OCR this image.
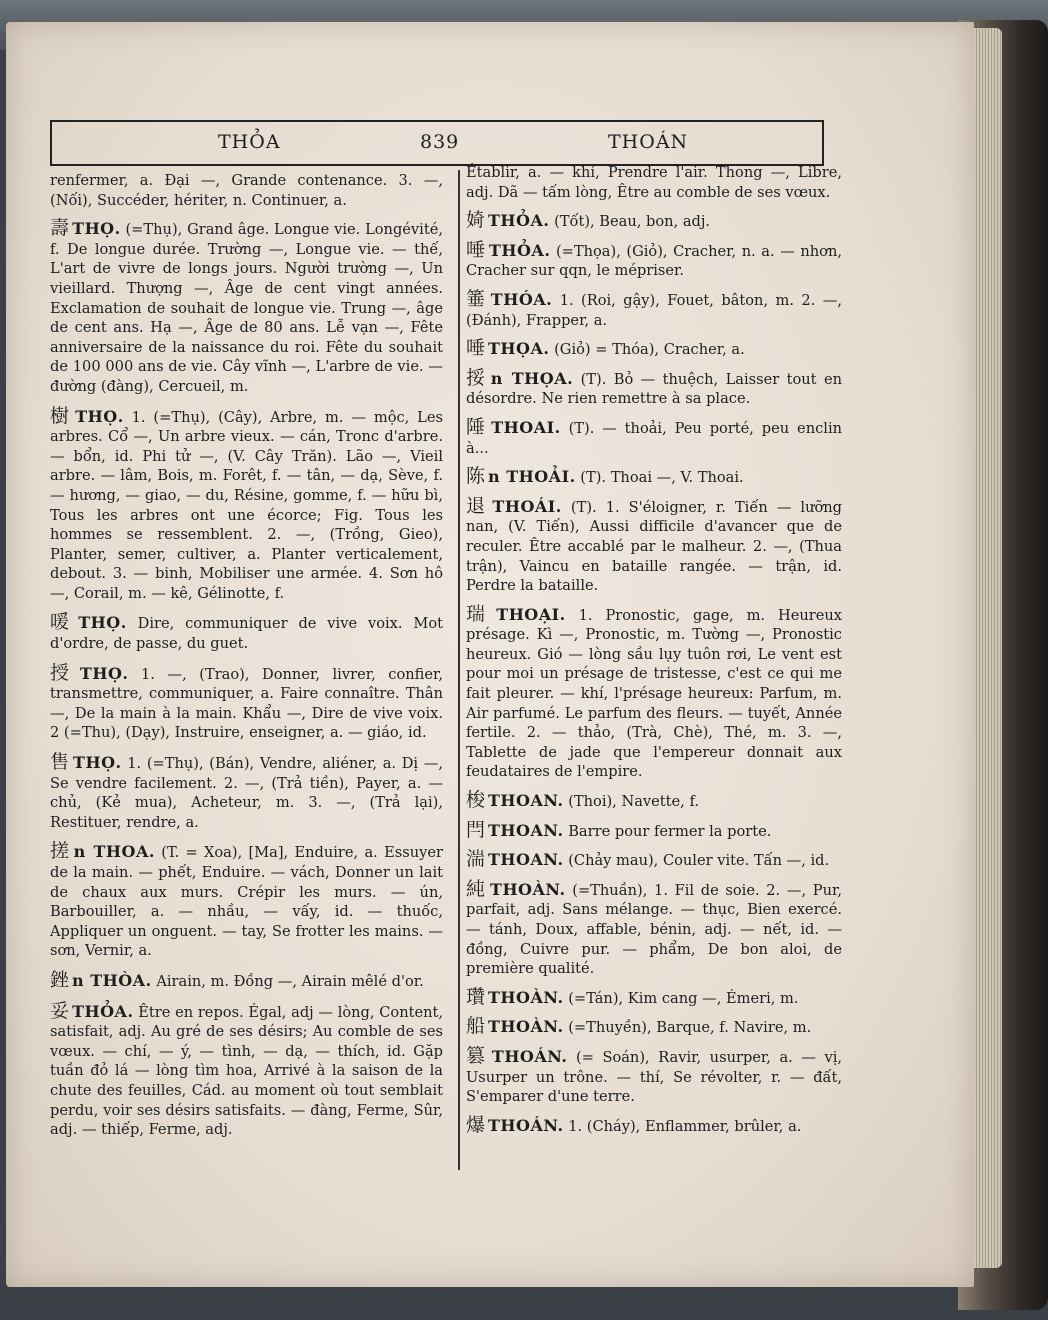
THỎA	839	THOÁN

renfermer, a. Đại —, Grande contenance. 3. —, (Nối), Succéder, hériter, n. Continuer, a.

壽 THỌ. (=Thụ), Grand âge. Longue vie. Longévité, f. De longue durée. Trường —, Longue vie. — thế, L'art de vivre de longs jours. Người trường —, Un vieillard. Thượng —, Âge de cent vingt années. Exclamation de souhait de longue vie. Trung —, âge de cent ans. Hạ —, Âge de 80 ans. Lễ vạn —, Fête anniversaire de la naissance du roi. Fête du souhait de 100 000 ans de vie. Cây vĩnh —, L'arbre de vie. — đường (đàng), Cercueil, m.

樹 THỌ. 1. (=Thụ), (Cây), Arbre, m. — mộc, Les arbres. Cổ —, Un arbre vieux. — cán, Tronc d'arbre. — bổn, id. Phi tử —, (V. Cây Trăn). Lão —, Vieil arbre. — lâm, Bois, m. Forêt, f. — tân, — dạ, Sève, f. — hương, — giao, — du, Résine, gomme, f. — hữu bì, Tous les arbres ont une écorce; Fig. Tous les hommes se ressemblent. 2. —, (Trồng, Gieo), Planter, semer, cultiver, a. Planter verticalement, debout. 3. — binh, Mobiliser une armée. 4. Sơn hô —, Corail, m. — kê, Gélinotte, f.

喛 THỌ. Dire, communiquer de vive voix. Mot d'ordre, de passe, du guet.

授 THỌ. 1. —, (Trao), Donner, livrer, confier, transmettre, communiquer, a. Faire connaître. Thân —, De la main à la main. Khẩu —, Dire de vive voix. 2 (=Thu), (Dạy), Instruire, enseigner, a. — giáo, id.

售 THỌ. 1. (=Thụ), (Bán), Vendre, aliéner, a. Dị —, Se vendre facilement. 2. —, (Trả tiền), Payer, a. — chủ, (Kẻ mua), Acheteur, m. 3. —, (Trả lại), Restituer, rendre, a.

搓 n THOA. (T. = Xoa), [Ma], Enduire, a. Essuyer de la main. — phết, Enduire. — vách, Donner un lait de chaux aux murs. Crépir les murs. — ún, Barbouiller, a. — nhầu, — vấy, id. — thuốc, Appliquer un onguent. — tay, Se frotter les mains. — sơn, Vernir, a.

銼 n THÒA. Airain, m. Đồng —, Airain mêlé d'or.

妥 THỎA. Être en repos. Égal, adj — lòng, Content, satisfait, adj. Au gré de ses désirs; Au comble de ses vœux. — chí, — ý, — tình, — dạ, — thích, id. Gặp tuần đỏ lá — lòng tìm hoa, Arrivé à la saison de la chute des feuilles, Cád. au moment où tout semblait perdu, voir ses désirs satisfaits. — đàng, Ferme, Sûr, adj. — thiếp, Ferme, adj.

Établir, a. — khí, Prendre l'air. Thong —, Libre, adj. Dã — tấm lòng, Être au comble de ses vœux.

婍 THỎA. (Tốt), Beau, bon, adj.

唾 THỎA. (=Thọa), (Giỏ), Cracher, n. a. — nhơn, Cracher sur qqn, le mépriser.

箠 THÓA. 1. (Roi, gậy), Fouet, bâton, m. 2. —, (Đánh), Frapper, a.

唾 THỌA. (Giỏ) = Thóa), Cracher, a.

挼 n THỌA. (T). Bỏ — thuệch, Laisser tout en désordre. Ne rien remettre à sa place.

陲 THOAI. (T). — thoải, Peu porté, peu enclin à...

陈 n THOẢI. (T). Thoai —, V. Thoai.

退 THOÁI. (T). 1. S'éloigner, r. Tiến — lưỡng nan, (V. Tiến), Aussi difficile d'avancer que de reculer. Être accablé par le malheur. 2. —, (Thua trận), Vaincu en bataille rangée. — trận, id. Perdre la bataille.

瑞 THOẠI. 1. Pronostic, gage, m. Heureux présage. Kì —, Pronostic, m. Tường —, Pronostic heureux. Gió — lòng sầu lụy tuôn rơi, Le vent est pour moi un présage de tristesse, c'est ce qui me fait pleurer. — khí, l'présage heureux: Parfum, m. Air parfumé. Le parfum des fleurs. — tuyết, Année fertile. 2. — thảo, (Trà, Chè), Thé, m. 3. —, Tablette de jade que l'empereur donnait aux feudataires de l'empire.

梭 THOAN. (Thoi), Navette, f.

閂 THOAN. Barre pour fermer la porte.

湍 THOAN. (Chảy mau), Couler vite. Tấn —, id.

純 THOÀN. (=Thuần), 1. Fil de soie. 2. —, Pur, parfait, adj. Sans mélange. — thục, Bien exercé. — tánh, Doux, affable, bénin, adj. — nết, id. — đồng, Cuivre pur. — phẩm, De bon aloi, de première qualité.

瓚 THOÀN. (=Tán), Kim cang —, Émeri, m.

船 THOÀN. (=Thuyền), Barque, f. Navire, m.

篡 THOÁN. (= Soán), Ravir, usurper, a. — vị, Usurper un trône. — thí, Se révolter, r. — đất, S'emparer d'une terre.

爆 THOÁN. 1. (Cháy), Enflammer, brûler, a.
